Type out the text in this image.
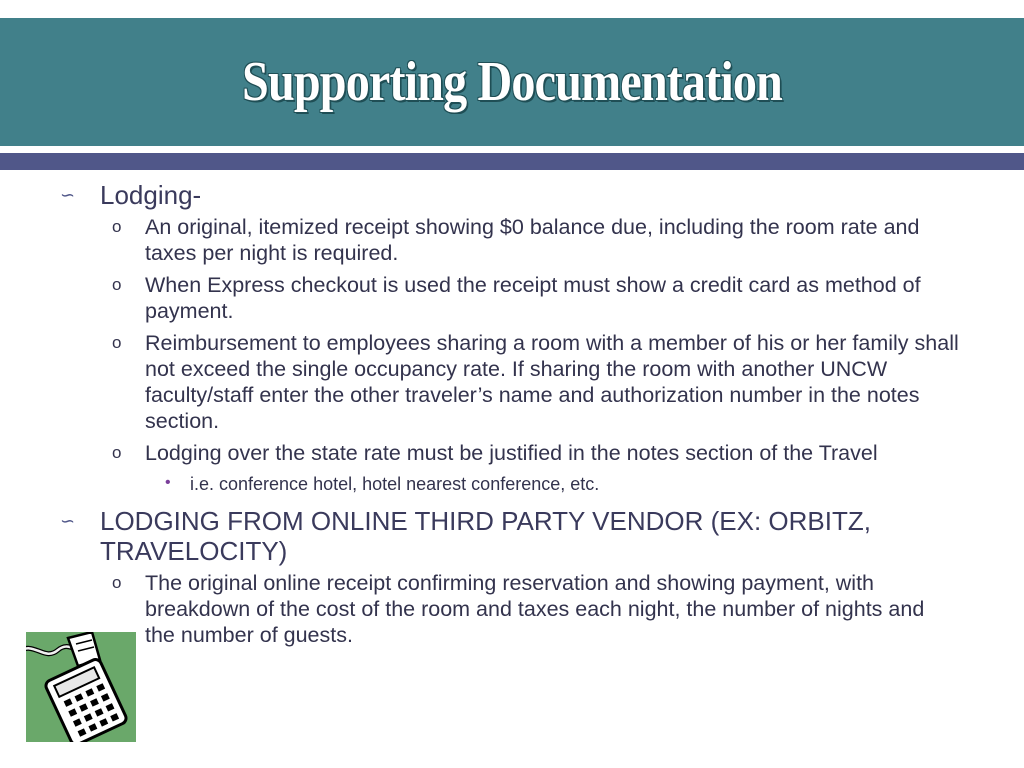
Supporting Documentation
∽ Lodging-
o An original, itemized receipt showing $0 balance due, including the room rate and taxes per night is required.
o When Express checkout is used the receipt must show a credit card as method of payment.
o Reimbursement to employees sharing a room with a member of his or her family shall not exceed the single occupancy rate. If sharing the room with another UNCW faculty/staff enter the other traveler’s name and authorization number in the notes section.
o Lodging over the state rate must be justified in the notes section of the Travel
• i.e. conference hotel, hotel nearest conference, etc.
∽ LODGING FROM ONLINE THIRD PARTY VENDOR (EX: ORBITZ, TRAVELOCITY)
o The original online receipt confirming reservation and showing payment, with breakdown of the cost of the room and taxes each night, the number of nights and the number of guests.
